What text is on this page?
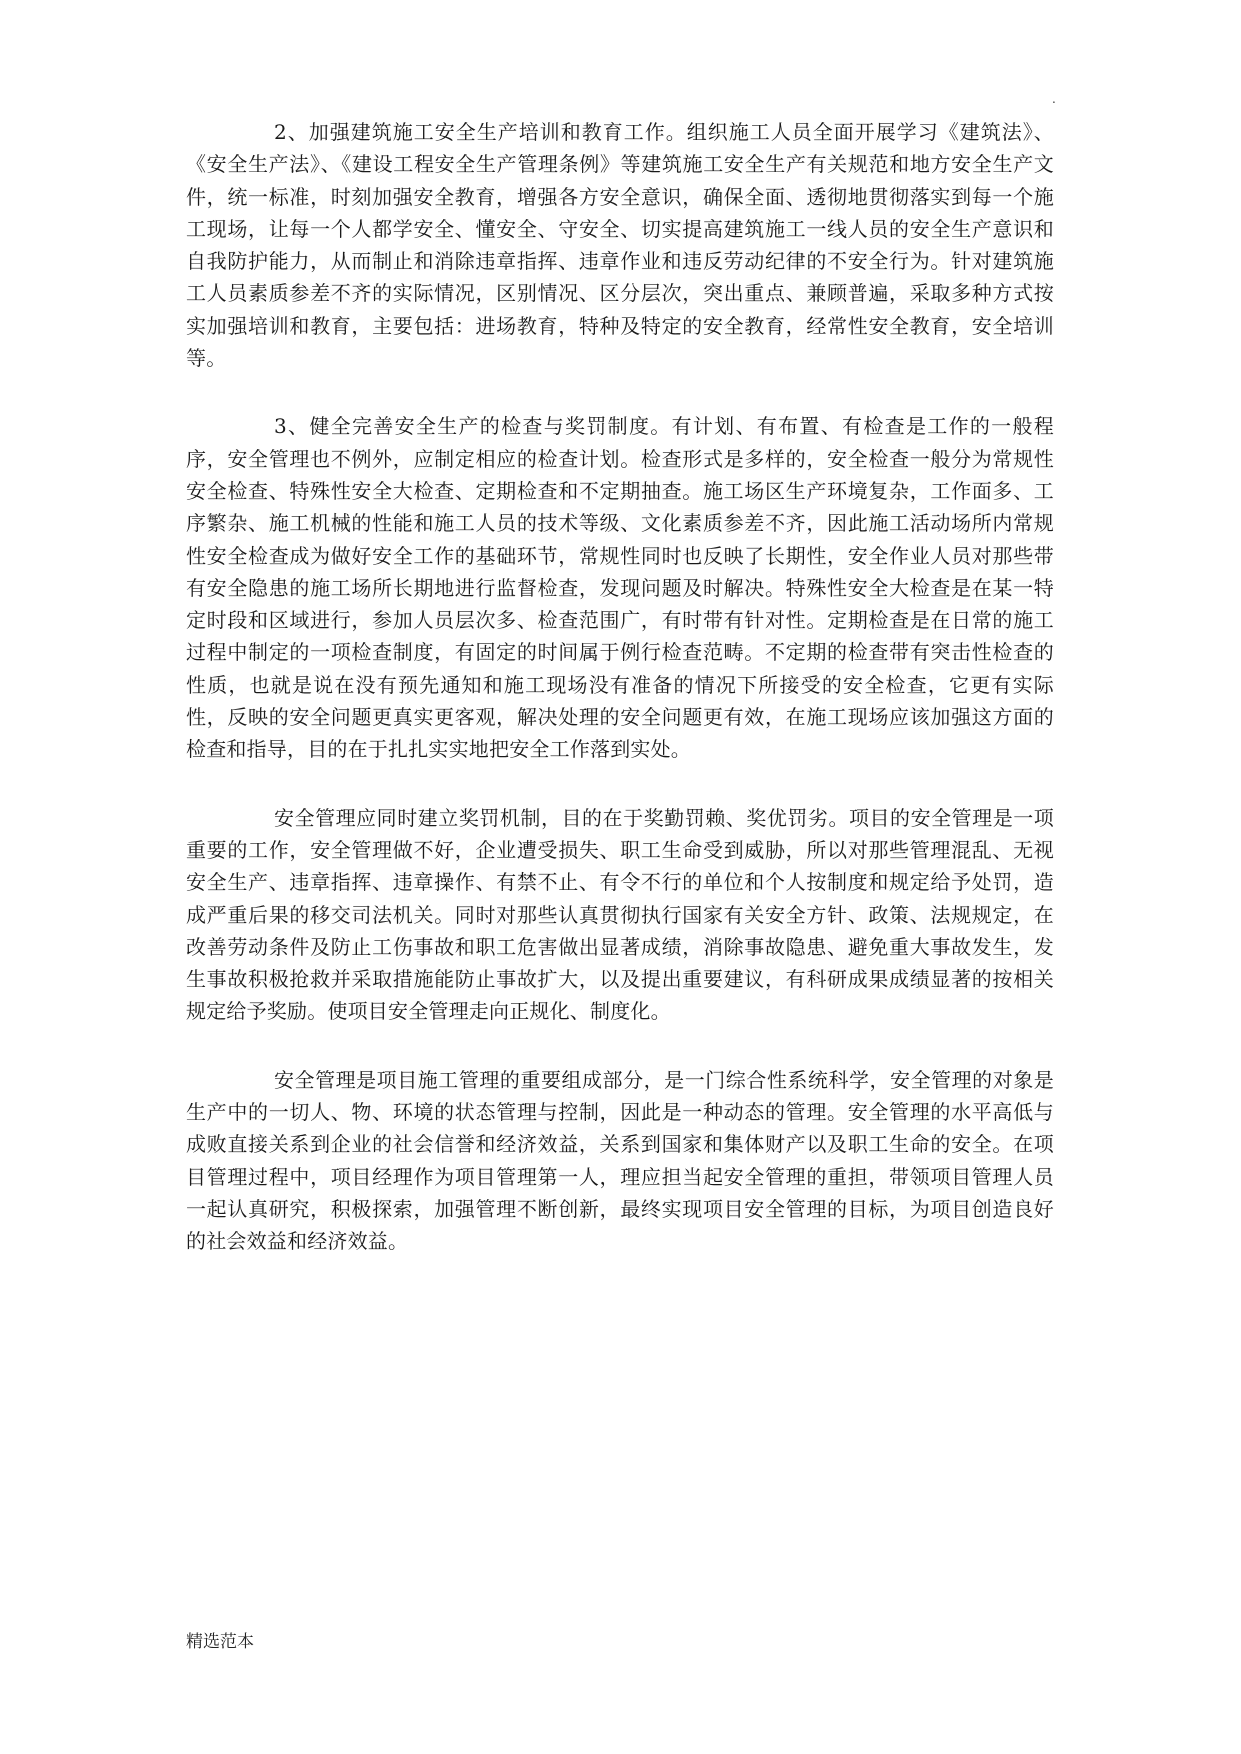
.

2、加强建筑施工安全生产培训和教育工作。组织施工人员全面开展学习《建筑法》、《安全生产法》、《建设工程安全生产管理条例》等建筑施工安全生产有关规范和地方安全生产文件，统一标准，时刻加强安全教育，增强各方安全意识，确保全面、透彻地贯彻落实到每一个施工现场，让每一个人都学安全、懂安全、守安全、切实提高建筑施工一线人员的安全生产意识和自我防护能力，从而制止和消除违章指挥、违章作业和违反劳动纪律的不安全行为。针对建筑施工人员素质参差不齐的实际情况，区别情况、区分层次，突出重点、兼顾普遍，采取多种方式按实加强培训和教育，主要包括：进场教育，特种及特定的安全教育，经常性安全教育，安全培训等。

3、健全完善安全生产的检查与奖罚制度。有计划、有布置、有检查是工作的一般程序，安全管理也不例外，应制定相应的检查计划。检查形式是多样的，安全检查一般分为常规性安全检查、特殊性安全大检查、定期检查和不定期抽查。施工场区生产环境复杂，工作面多、工序繁杂、施工机械的性能和施工人员的技术等级、文化素质参差不齐，因此施工活动场所内常规性安全检查成为做好安全工作的基础环节，常规性同时也反映了长期性，安全作业人员对那些带有安全隐患的施工场所长期地进行监督检查，发现问题及时解决。特殊性安全大检查是在某一特定时段和区域进行，参加人员层次多、检查范围广，有时带有针对性。定期检查是在日常的施工过程中制定的一项检查制度，有固定的时间属于例行检查范畴。不定期的检查带有突击性检查的性质，也就是说在没有预先通知和施工现场没有准备的情况下所接受的安全检查，它更有实际性，反映的安全问题更真实更客观，解决处理的安全问题更有效，在施工现场应该加强这方面的检查和指导，目的在于扎扎实实地把安全工作落到实处。

安全管理应同时建立奖罚机制，目的在于奖勤罚赖、奖优罚劣。项目的安全管理是一项重要的工作，安全管理做不好，企业遭受损失、职工生命受到威胁，所以对那些管理混乱、无视安全生产、违章指挥、违章操作、有禁不止、有令不行的单位和个人按制度和规定给予处罚，造成严重后果的移交司法机关。同时对那些认真贯彻执行国家有关安全方针、政策、法规规定，在改善劳动条件及防止工伤事故和职工危害做出显著成绩，消除事故隐患、避免重大事故发生，发生事故积极抢救并采取措施能防止事故扩大，以及提出重要建议，有科研成果成绩显著的按相关规定给予奖励。使项目安全管理走向正规化、制度化。

安全管理是项目施工管理的重要组成部分，是一门综合性系统科学，安全管理的对象是生产中的一切人、物、环境的状态管理与控制，因此是一种动态的管理。安全管理的水平高低与成败直接关系到企业的社会信誉和经济效益，关系到国家和集体财产以及职工生命的安全。在项目管理过程中，项目经理作为项目管理第一人，理应担当起安全管理的重担，带领项目管理人员一起认真研究，积极探索，加强管理不断创新，最终实现项目安全管理的目标，为项目创造良好的社会效益和经济效益。

精选范本
